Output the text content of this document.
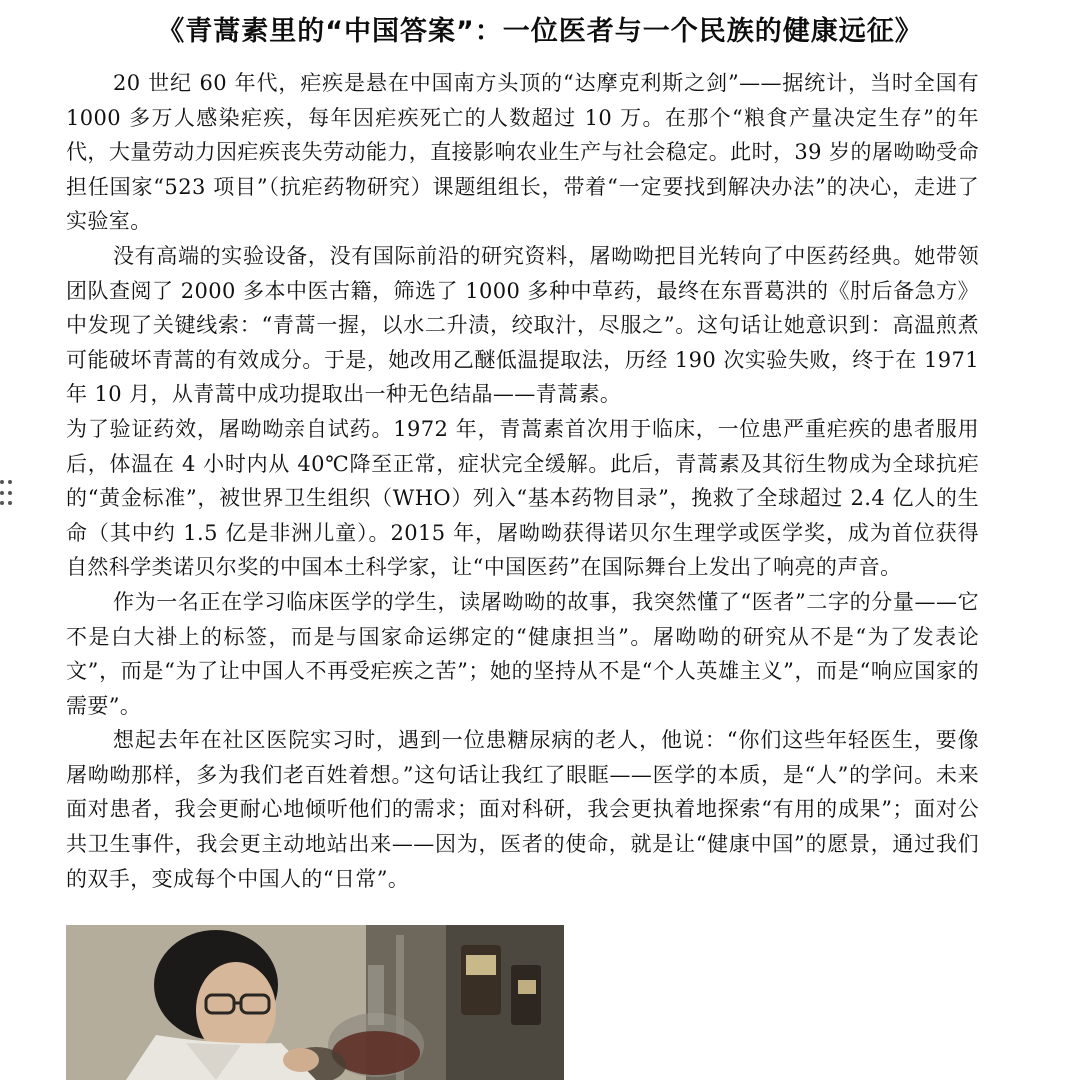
《青蒿素里的“中国答案”：一位医者与一个民族的健康远征》

20 世纪 60 年代，疟疾是悬在中国南方头顶的“达摩克利斯之剑”——据统计，当时全国有 1000 多万人感染疟疾，每年因疟疾死亡的人数超过 10 万。在那个“粮食产量决定生存”的年代，大量劳动力因疟疾丧失劳动能力，直接影响农业生产与社会稳定。此时，39 岁的屠呦呦受命担任国家“523 项目”（抗疟药物研究）课题组组长，带着“一定要找到解决办法”的决心，走进了实验室。

没有高端的实验设备，没有国际前沿的研究资料，屠呦呦把目光转向了中医药经典。她带领团队查阅了 2000 多本中医古籍，筛选了 1000 多种中草药，最终在东晋葛洪的《肘后备急方》中发现了关键线索：“青蒿一握，以水二升渍，绞取汁，尽服之”。这句话让她意识到：高温煎煮可能破坏青蒿的有效成分。于是，她改用乙醚低温提取法，历经 190 次实验失败，终于在 1971 年 10 月，从青蒿中成功提取出一种无色结晶——青蒿素。

为了验证药效，屠呦呦亲自试药。1972 年，青蒿素首次用于临床，一位患严重疟疾的患者服用后，体温在 4 小时内从 40℃降至正常，症状完全缓解。此后，青蒿素及其衍生物成为全球抗疟的“黄金标准”，被世界卫生组织（WHO）列入“基本药物目录”，挽救了全球超过 2.4 亿人的生命（其中约 1.5 亿是非洲儿童）。2015 年，屠呦呦获得诺贝尔生理学或医学奖，成为首位获得自然科学类诺贝尔奖的中国本土科学家，让“中国医药”在国际舞台上发出了响亮的声音。

作为一名正在学习临床医学的学生，读屠呦呦的故事，我突然懂了“医者”二字的分量——它不是白大褂上的标签，而是与国家命运绑定的“健康担当”。屠呦呦的研究从不是“为了发表论文”，而是“为了让中国人不再受疟疾之苦”；她的坚持从不是“个人英雄主义”，而是“响应国家的需要”。

想起去年在社区医院实习时，遇到一位患糖尿病的老人，他说：“你们这些年轻医生，要像屠呦呦那样，多为我们老百姓着想。”这句话让我红了眼眶——医学的本质，是“人”的学问。未来面对患者，我会更耐心地倾听他们的需求；面对科研，我会更执着地探索“有用的成果”；面对公共卫生事件，我会更主动地站出来——因为，医者的使命，就是让“健康中国”的愿景，通过我们的双手，变成每个中国人的“日常”。
